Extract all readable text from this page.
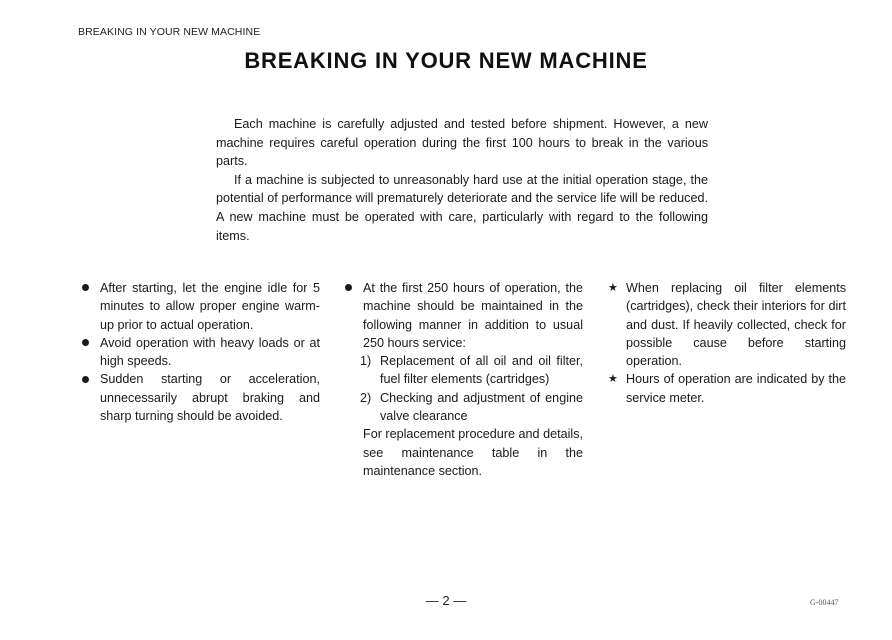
BREAKING IN YOUR NEW MACHINE
BREAKING IN YOUR NEW MACHINE

Each machine is carefully adjusted and tested before shipment. However, a new machine requires careful operation during the first 100 hours to break in the various parts.

If a machine is subjected to unreasonably hard use at the initial operation stage, the potential of performance will prematurely deteriorate and the service life will be reduced. A new machine must be operated with care, particularly with regard to the following items.

After starting, let the engine idle for 5 minutes to allow proper engine warm-up prior to actual operation.
Avoid operation with heavy loads or at high speeds.
Sudden starting or acceleration, unnecessarily abrupt braking and sharp turning should be avoided.
At the first 250 hours of operation, the machine should be maintained in the following manner in addition to usual 250 hours service:
1) Replacement of all oil and oil filter, fuel filter elements (cartridges)
2) Checking and adjustment of engine valve clearance
For replacement procedure and details, see maintenance table in the maintenance section.
★ When replacing oil filter elements (cartridges), check their interiors for dirt and dust. If heavily collected, check for possible cause before starting operation.
★ Hours of operation are indicated by the service meter.
— 2 —	G-00447
